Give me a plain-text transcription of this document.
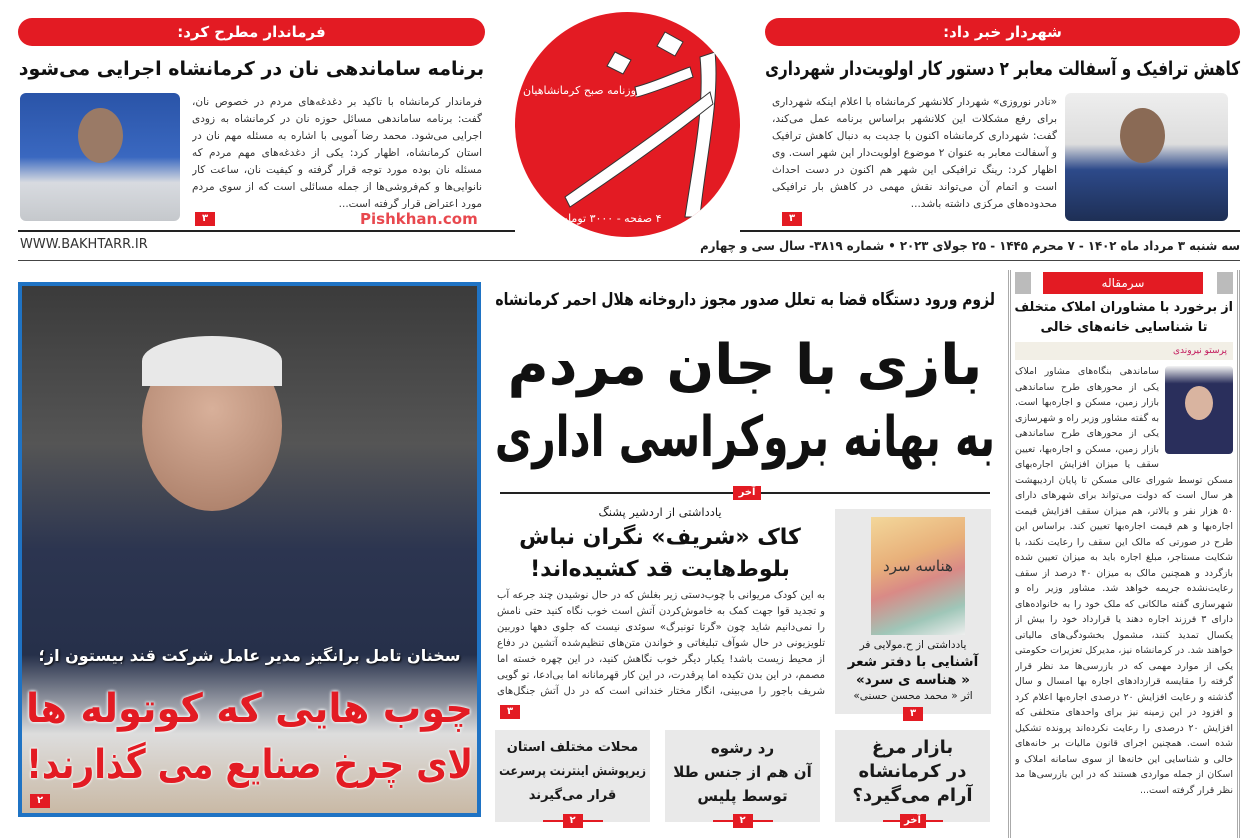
شهردار خبر داد:
کاهش ترافیک و آسفالت معابر ۲ دستور کار اولویت‌دار شهرداری
«نادر نوروزی» شهردار کلانشهر کرمانشاه با اعلام اینکه شهرداری برای رفع مشکلات این کلانشهر براساس برنامه عمل می‌کند، گفت: شهرداری کرمانشاه اکنون با جدیت به دنبال کاهش ترافیک و آسفالت معابر به عنوان ۲ موضوع اولویت‌دار این شهر است. وی اظهار کرد: رینگ ترافیکی این شهر هم اکنون در دست احداث است و اتمام آن می‌تواند نقش مهمی در کاهش بار ترافیکی محدوده‌های مرکزی داشته باشد...
۳
فرماندار مطرح کرد:
برنامه ساماندهی نان در کرمانشاه اجرایی می‌شود
فرماندار کرمانشاه با تاکید بر دغدغه‌های مردم در خصوص نان، گفت: برنامه ساماندهی مسائل حوزه نان در کرمانشاه به زودی اجرایی می‌شود. محمد رضا آمویی با اشاره به مسئله مهم نان در استان کرمانشاه، اظهار کرد: یکی از دغدغه‌های مهم مردم که مسئله نان بوده مورد توجه قرار گرفته و کیفیت نان، ساعت کار نانوایی‌ها و کم‌فروشی‌ها از جمله مسائلی است که از سوی مردم مورد اعتراض قرار گرفته است...
۳	Pishkhan.com
روزنامه صبح کرمانشاهیان
۴ صفحه - ۳۰۰۰ تومان
WWW.BAKHTARR.IR	سه شنبه ۳ مرداد ماه ۱۴۰۲ - ۷ محرم ۱۴۴۵ - ۲۵ جولای ۲۰۲۳ • شماره ۳۸۱۹- سال سی و چهارم
سخنان تامل برانگیز مدیر عامل شرکت قند بیستون از؛
چوب هایی که کوتوله ها
لای چرخ صنایع می گذارند!
۲
لزوم ورود دستگاه قضا به تعلل صدور مجوز داروخانه هلال احمر کرمانشاه
بازی با جان مردم
به بهانه بروکراسی اداری
آخر
یادداشتی از اردشیر پشنگ
کاک «شریف» نگران نباش
بلوط‌هایت قد کشیده‌اند!
به این کودک مریوانی با چوب‌دستی زیر بغلش که در حال نوشیدن چند جرعه آب و تجدید قوا جهت کمک به خاموش‌کردن آتش است خوب نگاه کنید حتی نامش را نمی‌دانیم شاید چون «گرتا تونبرگ» سوئدی نیست که جلوی دهها دوربین تلویزیونی در حال شوآف تبلیغاتی و خواندن متن‌های تنظیم‌شده آتشین در دفاع از محیط زیست باشد! یکبار دیگر خوب نگاهش کنید، در این چهره خسته اما مصمم، در این بدن تکیده اما پرقدرت، در این کار قهرمانانه اما بی‌ادعا، تو گویی شریف باجور را می‌بینی، انگار مختار خندانی است که در دل آتش جنگل‌های
۳
هناسه سرد
یادداشتی از ح.مولایی فر
آشنایی با دفتر شعر
« هناسه ی سرد»
اثر « محمد محسن حسنی»
۳
بازار مرغ
در کرمانشاه
آرام می‌گیرد؟
آخر
رد رشوه
آن هم از جنس طلا
توسط پلیس
۲
محلات مختلف استان
زیرپوشش اینترنت پرسرعت
قرار می‌گیرند
۲
سرمقاله
از برخورد با مشاوران املاک متخلف
تا شناسایی خانه‌های خالی
پرستو نیروندی
ساماندهی بنگاه‌های مشاور املاک یکی از محورهای طرح ساماندهی بازار زمین، مسکن و اجاره‌بها است. به گفته مشاور وزیر راه و شهرسازی یکی از محورهای طرح ساماندهی بازار زمین، مسکن و اجاره‌بها، تعیین سقف یا میزان افزایش اجاره‌بهای مسکن توسط شورای عالی مسکن تا پایان اردیبهشت هر سال است که دولت می‌تواند برای شهرهای دارای ۵۰ هزار نفر و بالاتر، هم میزان سقف افزایش قیمت اجاره‌بها و هم قیمت اجاره‌بها تعیین کند. براساس این طرح در صورتی که مالک این سقف را رعایت نکند، با شکایت مستاجر، مبلغ اجاره باید به میزان تعیین شده بازگردد و همچنین مالک به میزان ۴۰ درصد از سقف رعایت‌نشده جریمه خواهد شد. مشاور وزیر راه و شهرسازی گفته مالکانی که ملک خود را به خانواده‌های دارای ۳ فرزند اجاره دهند یا قرارداد خود را بیش از یکسال تمدید کنند، مشمول بخشودگی‌های مالیاتی خواهند شد. در کرمانشاه نیز، مدیرکل تعزیرات حکومتی یکی از موارد مهمی که در بازرسی‌ها مد نظر قرار گرفته را مقایسه قراردادهای اجاره بها امسال و سال گذشته و رعایت افزایش ۲۰ درصدی اجاره‌بها اعلام کرد و افزود در این زمینه نیز برای واحدهای متخلفی که افزایش ۲۰ درصدی را رعایت نکرده‌اند پرونده تشکیل شده است. همچنین اجرای قانون مالیات بر خانه‌های خالی و شناسایی این خانه‌ها از سوی سامانه املاک و اسکان از جمله مواردی هستند که در این بازرسی‌ها مد نظر قرار گرفته است...
